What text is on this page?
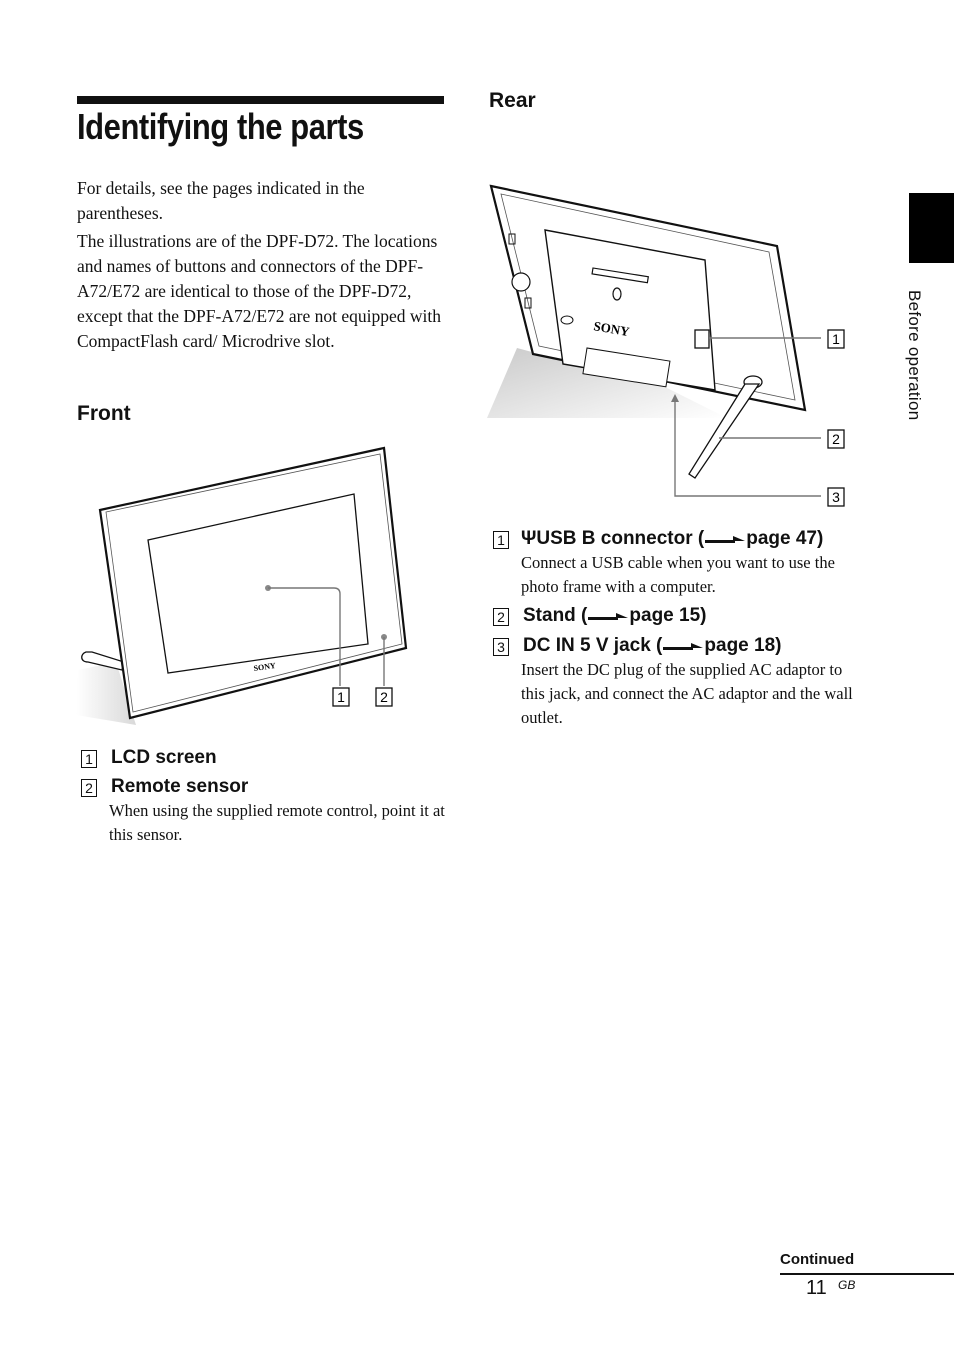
Identifying the parts

For details, see the pages indicated in the parentheses.

The illustrations are of the DPF-D72. The locations and names of buttons and connectors of the DPF-A72/E72 are identical to those of the DPF-D72, except that the DPF-A72/E72 are not equipped with CompactFlash card/ Microdrive slot.

Front
SONY
1	2
1 LCD screen
2 Remote sensor
When using the supplied remote control, point it at this sensor.
Rear
SONY	1
2
3
1 ΨUSB B connector ( page 47)
Connect a USB cable when you want to use the photo frame with a computer.
2 Stand ( page 15)
3 DC IN 5 V jack ( page 18)
Insert the DC plug of the supplied AC adaptor to this jack, and connect the AC adaptor and the wall outlet.
Before operation
Continued
11 GB
